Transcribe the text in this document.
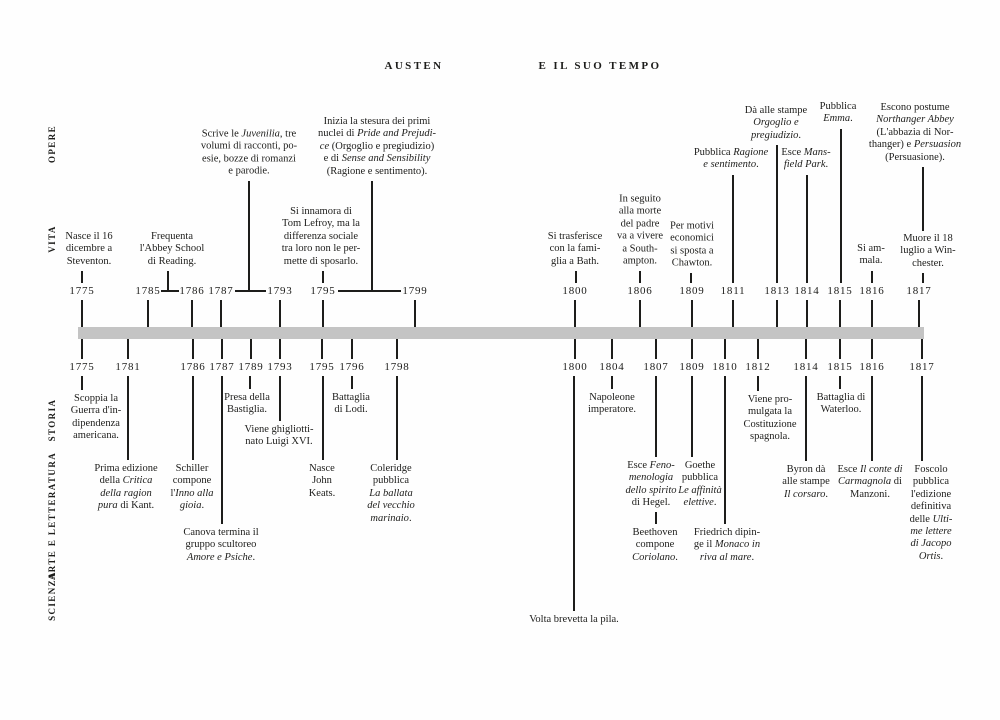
AUSTEN	E IL SUO TEMPO
OPERE
VITA
STORIA
ARTE E LETTERATURA
SCIENZA
1775	1785 1786 1787	1793 1795	1799	1800	1806 1809 1811 1813 1814 1815 1816 1817
1775 1781	1786 1787 1789 1793 1795 1796 1798	1800 1804 1807 1809 1810 1812 1814 1815 1816 1817
Scrive le Juvenilia, tre
volumi di racconti, po-
esie, bozze di romanzi
e parodie.
Inizia la stesura dei primi
nuclei di Pride and Prejudi-
ce (Orgoglio e pregiudizio)
e di Sense and Sensibility
(Ragione e sentimento).
Pubblica Ragione
e sentimento.
Dà alle stampe
Orgoglio e
pregiudizio.
Esce Mans-
field Park.
Pubblica
Emma.
Escono postume
Northanger Abbey
(L'abbazia di Nor-
thanger) e Persuasion
(Persuasione).
Nasce il 16
dicembre a
Steventon.
Frequenta
l'Abbey School
di Reading.
Si innamora di
Tom Lefroy, ma la
differenza sociale
tra loro non le per-
mette di sposarlo.
Si trasferisce
con la fami-
glia a Bath.
In seguito
alla morte
del padre
va a vivere
a South-
ampton.
Per motivi
economici
si sposta a
Chawton.
Si am-
mala.
Muore il 18
luglio a Win-
chester.
Scoppia la
Guerra d'in-
dipendenza
americana.
Prima edizione
della Critica
della ragion
pura di Kant.
Schiller
compone
l'Inno alla
gioia.
Canova termina il
gruppo scultoreo
Amore e Psiche.
Presa della
Bastiglia.
Viene ghigliotti-
nato Luigi XVI.
Nasce
John
Keats.
Battaglia
di Lodi.
Coleridge
pubblica
La ballata
del vecchio
marinaio.
Volta brevetta la pila.
Napoleone
imperatore.
Esce Feno-
menologia
dello spirito
di Hegel.
Beethoven
compone
Coriolano.
Goethe
pubblica
Le affinità
elettive.
Friedrich dipin-
ge il Monaco in
riva al mare.
Viene pro-
mulgata la
Costituzione
spagnola.
Byron dà
alle stampe
Il corsaro.
Battaglia di
Waterloo.
Esce Il conte di
Carmagnola di
Manzoni.
Foscolo
pubblica
l'edizione
definitiva
delle Ulti-
me lettere
di Jacopo
Ortis.
